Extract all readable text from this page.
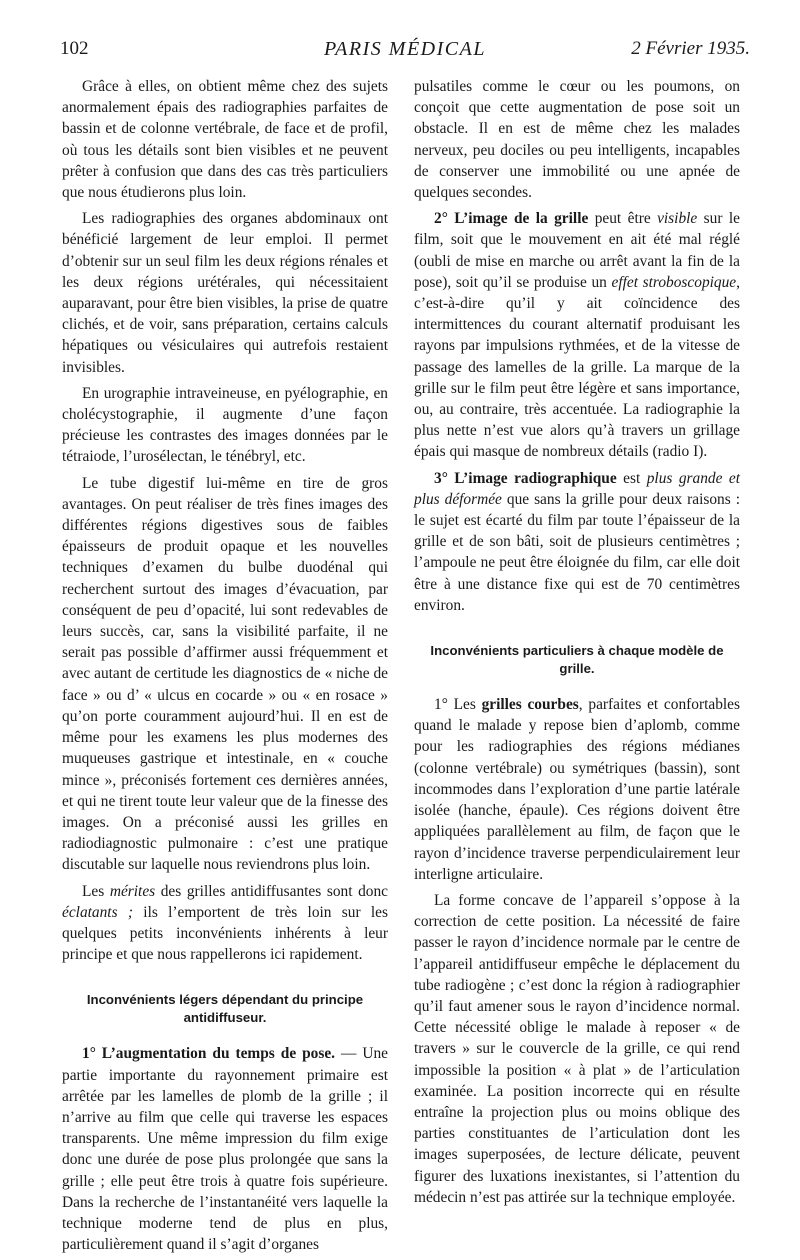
102	PARIS MÉDICAL	2 Février 1935.

Grâce à elles, on obtient même chez des sujets anormalement épais des radiographies parfaites de bassin et de colonne vertébrale, de face et de profil, où tous les détails sont bien visibles et ne peuvent prêter à confusion que dans des cas très particuliers que nous étudierons plus loin.

Les radiographies des organes abdominaux ont bénéficié largement de leur emploi. Il permet d’obtenir sur un seul film les deux régions rénales et les deux régions urétérales, qui nécessitaient auparavant, pour être bien visibles, la prise de quatre clichés, et de voir, sans préparation, certains calculs hépatiques ou vésiculaires qui autrefois restaient invisibles.

En urographie intraveineuse, en pyélographie, en cholécystographie, il augmente d’une façon précieuse les contrastes des images données par le tétraiode, l’urosélectan, le ténébryl, etc.

Le tube digestif lui-même en tire de gros avantages. On peut réaliser de très fines images des différentes régions digestives sous de faibles épaisseurs de produit opaque et les nouvelles techniques d’examen du bulbe duodénal qui recherchent surtout des images d’évacuation, par conséquent de peu d’opacité, lui sont redevables de leurs succès, car, sans la visibilité parfaite, il ne serait pas possible d’affirmer aussi fréquemment et avec autant de certitude les diagnostics de « niche de face » ou d’ « ulcus en cocarde » ou « en rosace » qu’on porte couramment aujourd’hui. Il en est de même pour les examens les plus modernes des muqueuses gastrique et intestinale, en « couche mince », préconisés fortement ces dernières années, et qui ne tirent toute leur valeur que de la finesse des images. On a préconisé aussi les grilles en radiodiagnostic pulmonaire : c’est une pratique discutable sur laquelle nous reviendrons plus loin.

Les mérites des grilles antidiffusantes sont donc éclatants ; ils l’emportent de très loin sur les quelques petits inconvénients inhérents à leur principe et que nous rappellerons ici rapidement.

Inconvénients légers dépendant du principe antidiffuseur.

1° L’augmentation du temps de pose. — Une partie importante du rayonnement primaire est arrêtée par les lamelles de plomb de la grille ; il n’arrive au film que celle qui traverse les espaces transparents. Une même impression du film exige donc une durée de pose plus prolongée que sans la grille ; elle peut être trois à quatre fois supérieure. Dans la recherche de l’instantanéité vers laquelle la technique moderne tend de plus en plus, particulièrement quand il s’agit d’organes

pulsatiles comme le cœur ou les poumons, on conçoit que cette augmentation de pose soit un obstacle. Il en est de même chez les malades nerveux, peu dociles ou peu intelligents, incapables de conserver une immobilité ou une apnée de quelques secondes.

2° L’image de la grille peut être visible sur le film, soit que le mouvement en ait été mal réglé (oubli de mise en marche ou arrêt avant la fin de la pose), soit qu’il se produise un effet stroboscopique, c’est-à-dire qu’il y ait coïncidence des intermittences du courant alternatif produisant les rayons par impulsions rythmées, et de la vitesse de passage des lamelles de la grille. La marque de la grille sur le film peut être légère et sans importance, ou, au contraire, très accentuée. La radiographie la plus nette n’est vue alors qu’à travers un grillage épais qui masque de nombreux détails (radio I).

3° L’image radiographique est plus grande et plus déformée que sans la grille pour deux raisons : le sujet est écarté du film par toute l’épaisseur de la grille et de son bâti, soit de plusieurs centimètres ; l’ampoule ne peut être éloignée du film, car elle doit être à une distance fixe qui est de 70 centimètres environ.

Inconvénients particuliers à chaque modèle de grille.

1° Les grilles courbes, parfaites et confortables quand le malade y repose bien d’aplomb, comme pour les radiographies des régions médianes (colonne vertébrale) ou symétriques (bassin), sont incommodes dans l’exploration d’une partie latérale isolée (hanche, épaule). Ces régions doivent être appliquées parallèlement au film, de façon que le rayon d’incidence traverse perpendiculairement leur interligne articulaire.

La forme concave de l’appareil s’oppose à la correction de cette position. La nécessité de faire passer le rayon d’incidence normale par le centre de l’appareil antidiffuseur empêche le déplacement du tube radiogène ; c’est donc la région à radiographier qu’il faut amener sous le rayon d’incidence normal. Cette nécessité oblige le malade à reposer « de travers » sur le couvercle de la grille, ce qui rend impossible la position « à plat » de l’articulation examinée. La position incorrecte qui en résulte entraîne la projection plus ou moins oblique des parties constituantes de l’articulation dont les images superposées, de lecture délicate, peuvent figurer des luxations inexistantes, si l’attention du médecin n’est pas attirée sur la technique employée.
